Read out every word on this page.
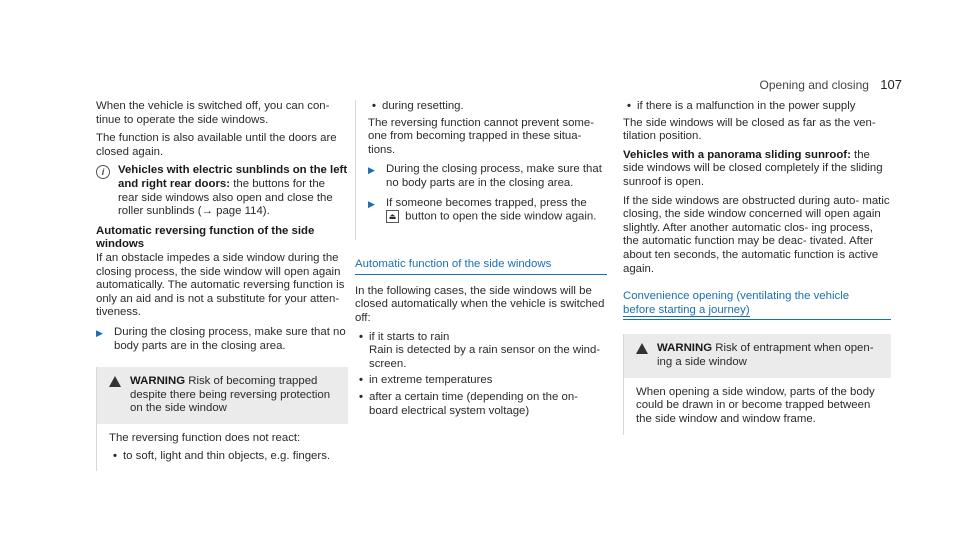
Opening and closing 107

When the vehicle is switched off, you can con- tinue to operate the side windows.

The function is also available until the doors are closed again.

i	Vehicles with electric sunblinds on the left and right rear doors: the buttons for the rear side windows also open and close the roller sunblinds (→ page 114).
Automatic reversing function of the side windows

If an obstacle impedes a side window during the closing process, the side window will open again automatically. The automatic reversing function is only an aid and is not a substitute for your atten- tiveness.

▶ During the closing process, make sure that no body parts are in the closing area.
WARNING Risk of becoming trapped despite there being reversing protection on the side window

The reversing function does not react:

• to soft, light and thin objects, e.g. fingers.
• during resetting.

The reversing function cannot prevent some- one from becoming trapped in these situa- tions.

▶ During the closing process, make sure that no body parts are in the closing area.
▶ If someone becomes trapped, press the
⏏ button to open the side window again.
Automatic function of the side windows

In the following cases, the side windows will be closed automatically when the vehicle is switched off:

• if it starts to rain
Rain is detected by a rain sensor on the wind- screen.
• in extreme temperatures
• after a certain time (depending on the on- board electrical system voltage)
• if there is a malfunction in the power supply

The side windows will be closed as far as the ven- tilation position.

Vehicles with a panorama sliding sunroof: the side windows will be closed completely if the sliding sunroof is open.

If the side windows are obstructed during auto- matic closing, the side window concerned will open again slightly. After another automatic clos- ing process, the automatic function may be deac- tivated. After about ten seconds, the automatic function is active again.

Convenience opening (ventilating the vehicle
before starting a journey)
WARNING Risk of entrapment when open- ing a side window

When opening a side window, parts of the body could be drawn in or become trapped between the side window and window frame.
